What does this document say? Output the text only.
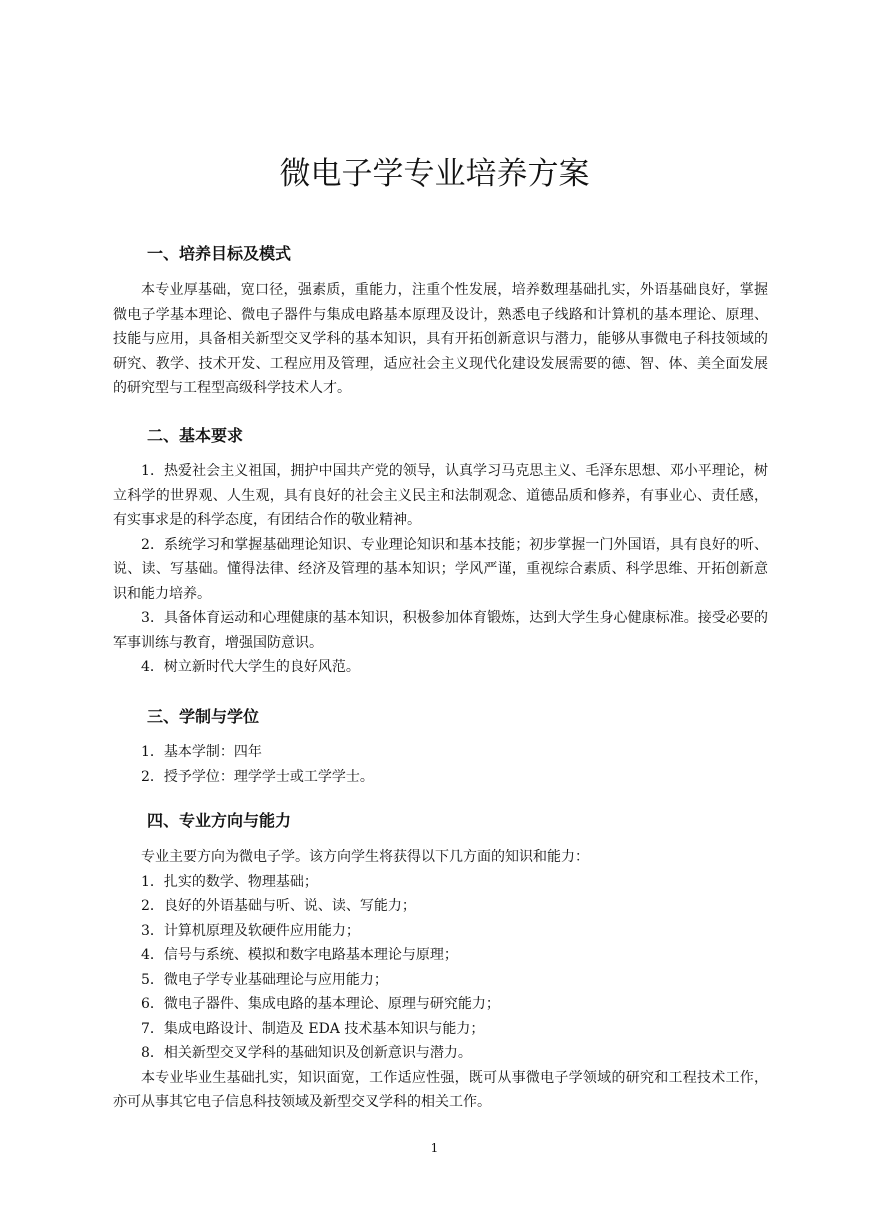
微电子学专业培养方案
一、培养目标及模式

本专业厚基础，宽口径，强素质，重能力，注重个性发展，培养数理基础扎实，外语基础良好，掌握微电子学基本理论、微电子器件与集成电路基本原理及设计，熟悉电子线路和计算机的基本理论、原理、技能与应用，具备相关新型交叉学科的基本知识，具有开拓创新意识与潜力，能够从事微电子科技领域的研究、教学、技术开发、工程应用及管理，适应社会主义现代化建设发展需要的德、智、体、美全面发展的研究型与工程型高级科学技术人才。

二、基本要求

1．热爱社会主义祖国，拥护中国共产党的领导，认真学习马克思主义、毛泽东思想、邓小平理论，树立科学的世界观、人生观，具有良好的社会主义民主和法制观念、道德品质和修养，有事业心、责任感，有实事求是的科学态度，有团结合作的敬业精神。

2．系统学习和掌握基础理论知识、专业理论知识和基本技能；初步掌握一门外国语，具有良好的听、说、读、写基础。懂得法律、经济及管理的基本知识；学风严谨，重视综合素质、科学思维、开拓创新意识和能力培养。

3．具备体育运动和心理健康的基本知识，积极参加体育锻炼，达到大学生身心健康标准。接受必要的军事训练与教育，增强国防意识。

4．树立新时代大学生的良好风范。

三、学制与学位
1．基本学制：四年
2．授予学位：理学学士或工学学士。
四、专业方向与能力
专业主要方向为微电子学。该方向学生将获得以下几方面的知识和能力：
1．扎实的数学、物理基础；
2．良好的外语基础与听、说、读、写能力；
3．计算机原理及软硬件应用能力；
4．信号与系统、模拟和数字电路基本理论与原理；
5．微电子学专业基础理论与应用能力；
6．微电子器件、集成电路的基本理论、原理与研究能力；
7．集成电路设计、制造及 EDA 技术基本知识与能力；
8．相关新型交叉学科的基础知识及创新意识与潜力。

本专业毕业生基础扎实，知识面宽，工作适应性强，既可从事微电子学领域的研究和工程技术工作，亦可从事其它电子信息科技领域及新型交叉学科的相关工作。

1
